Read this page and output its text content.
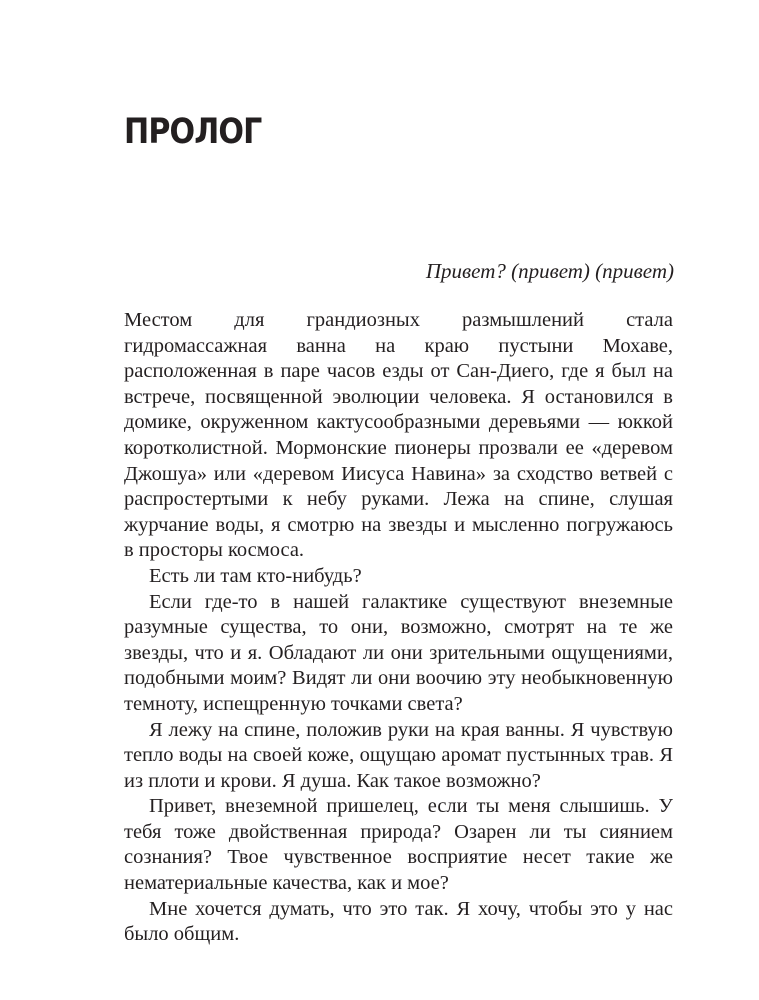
ПРОЛОГ

Привет? (привет) (привет)

Местом для грандиозных размышлений стала гидромассажная ванна на краю пустыни Мохаве, расположенная в паре часов езды от Сан-Диего, где я был на встрече, посвященной эволюции человека. Я остановился в домике, окруженном кактусообразными деревьями — юккой коротколистной. Мормонские пионеры прозвали ее «деревом Джошуа» или «деревом Иисуса Навина» за сходство ветвей с распростертыми к небу руками. Лежа на спине, слушая журчание воды, я смотрю на звезды и мысленно погружаюсь в просторы космоса.

Есть ли там кто-нибудь?

Если где-то в нашей галактике существуют внеземные разумные существа, то они, возможно, смотрят на те же звезды, что и я. Обладают ли они зрительными ощущениями, подобными моим? Видят ли они воочию эту необыкновенную темноту, испещренную точками света?

Я лежу на спине, положив руки на края ванны. Я чувствую тепло воды на своей коже, ощущаю аромат пустынных трав. Я из плоти и крови. Я душа. Как такое возможно?

Привет, внеземной пришелец, если ты меня слышишь. У тебя тоже двойственная природа? Озарен ли ты сиянием сознания? Твое чувственное восприятие несет такие же нематериальные качества, как и мое?

Мне хочется думать, что это так. Я хочу, чтобы это у нас было общим.
